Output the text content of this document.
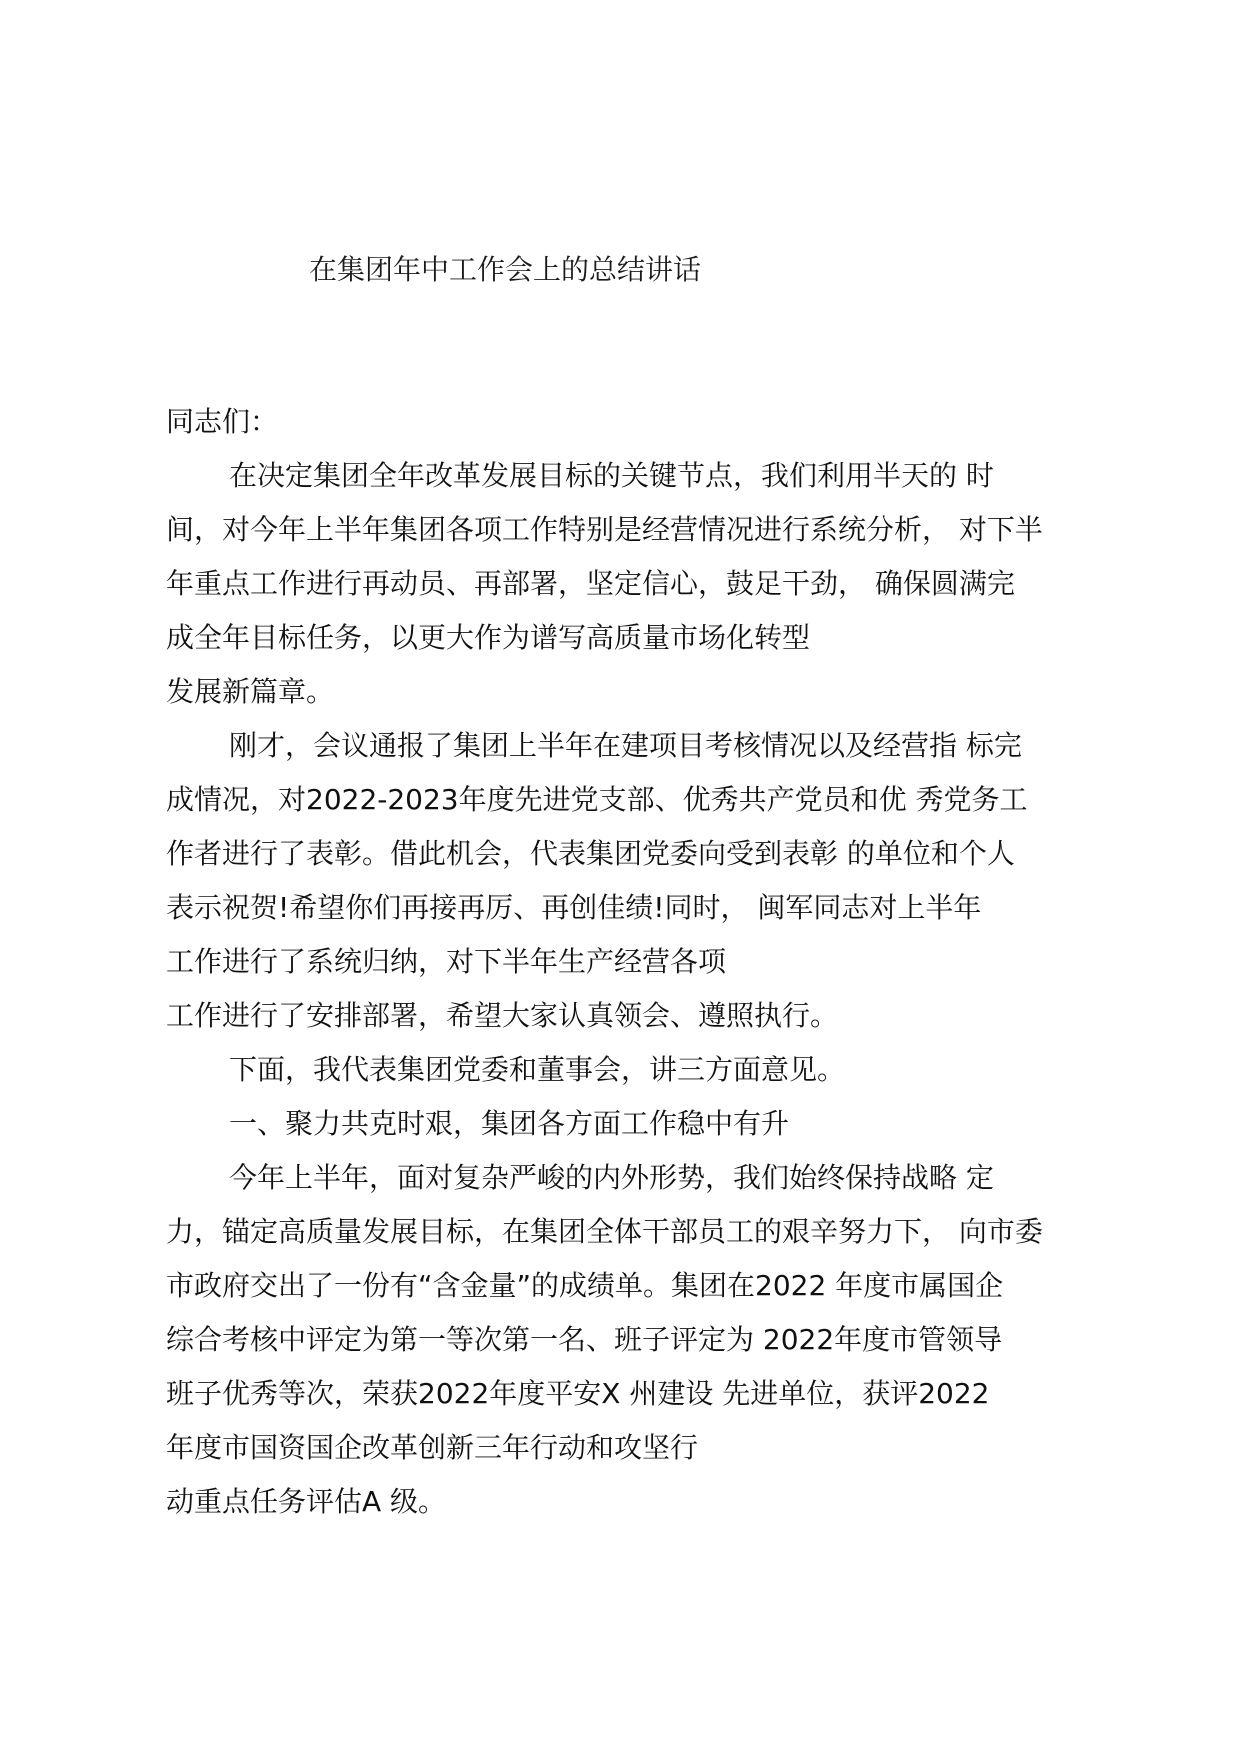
在集团年中工作会上的总结讲话
同志们：
在决定集团全年改革发展目标的关键节点，我们利用半天的 时
间，对今年上半年集团各项工作特别是经营情况进行系统分析， 对下半
年重点工作进行再动员、再部署，坚定信心，鼓足干劲， 确保圆满完
成全年目标任务，以更大作为谱写高质量市场化转型
发展新篇章。
刚才，会议通报了集团上半年在建项目考核情况以及经营指 标完
成情况，对2022-2023年度先进党支部、优秀共产党员和优 秀党务工
作者进行了表彰。借此机会，代表集团党委向受到表彰 的单位和个人
表示祝贺!希望你们再接再厉、再创佳绩!同时， 闽军同志对上半年
工作进行了系统归纳，对下半年生产经营各项
工作进行了安排部署，希望大家认真领会、遵照执行。
下面，我代表集团党委和董事会，讲三方面意见。
一、聚力共克时艰，集团各方面工作稳中有升
今年上半年，面对复杂严峻的内外形势，我们始终保持战略 定
力，锚定高质量发展目标，在集团全体干部员工的艰辛努力下， 向市委
市政府交出了一份有“含金量”的成绩单。集团在2022 年度市属国企
综合考核中评定为第一等次第一名、班子评定为 2022年度市管领导
班子优秀等次，荣获2022年度平安X 州建设 先进单位，获评2022
年度市国资国企改革创新三年行动和攻坚行
动重点任务评估A 级。
